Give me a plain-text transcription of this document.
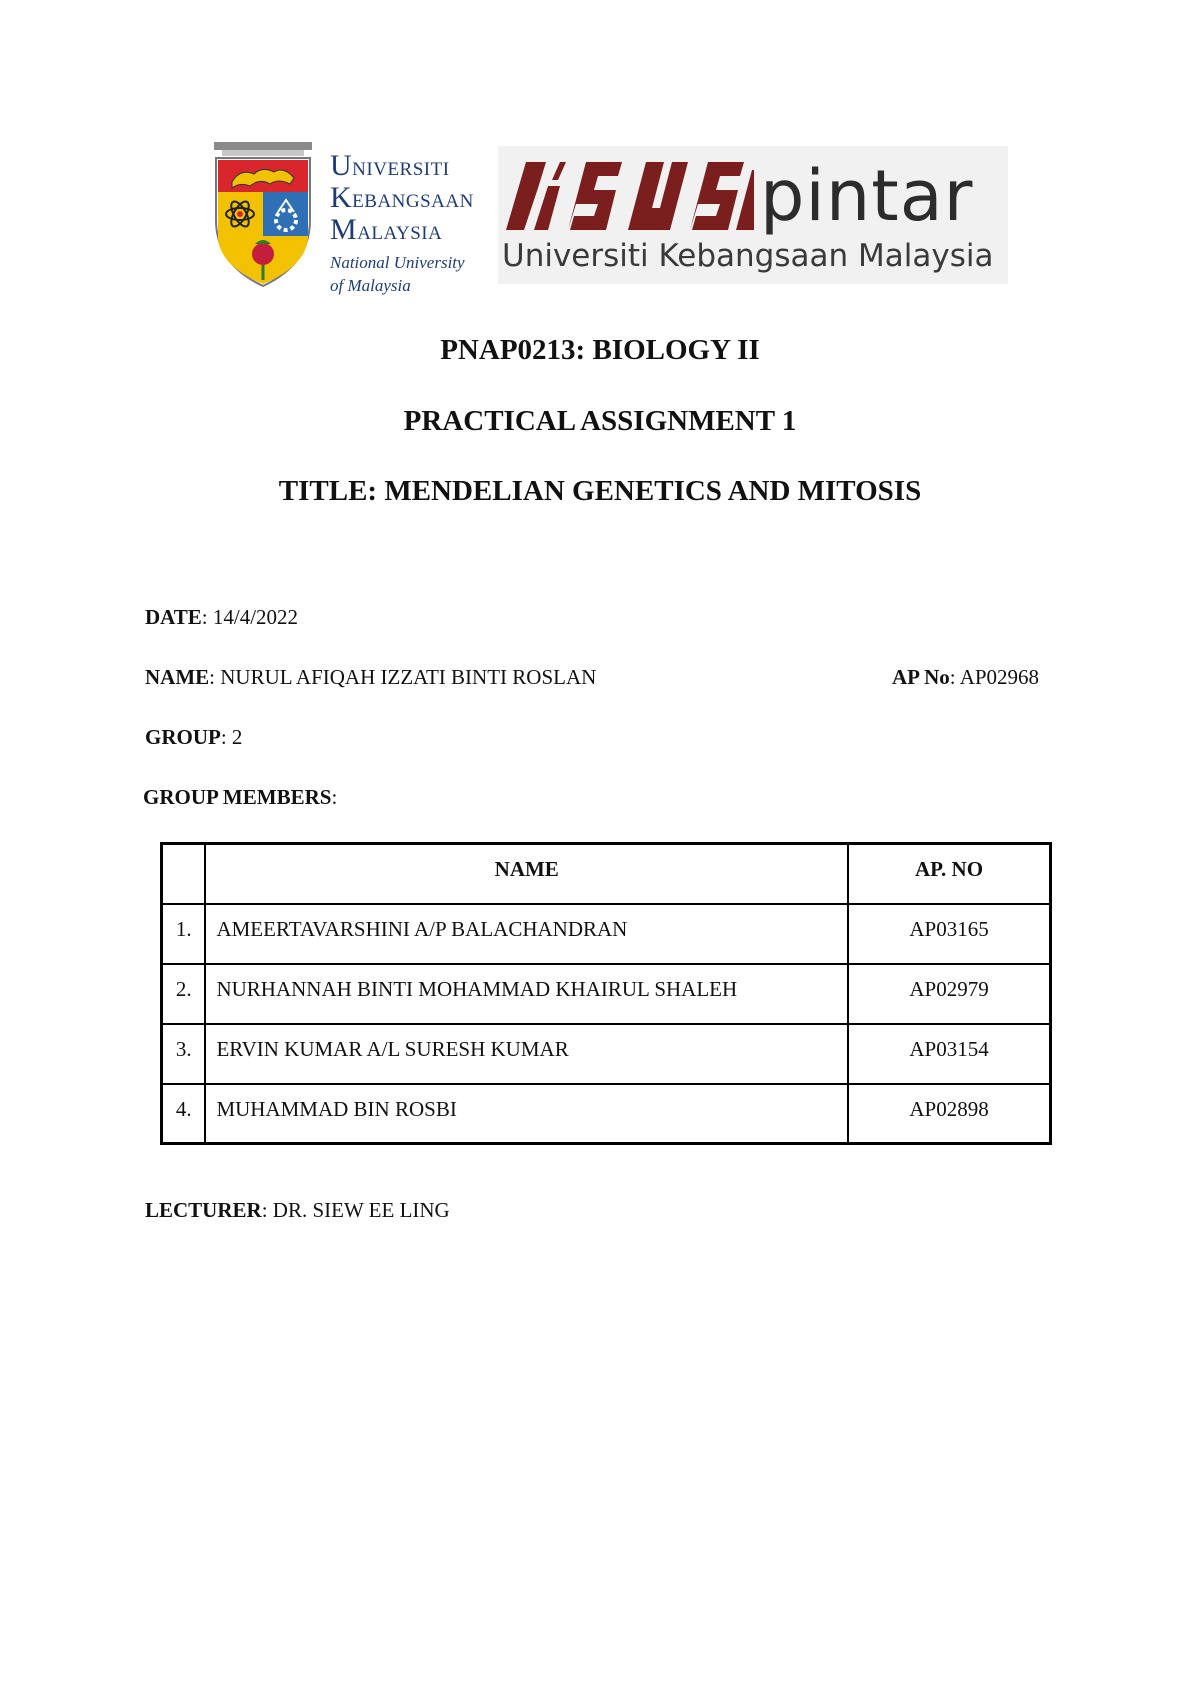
UNIVERSITI
KEBANGSAAN
MALAYSIA
National University
of Malaysia
pintar
Universiti Kebangsaan Malaysia
PNAP0213: BIOLOGY II
PRACTICAL ASSIGNMENT 1
TITLE: MENDELIAN GENETICS AND MITOSIS
DATE: 14/4/2022
NAME: NURUL AFIQAH IZZATI BINTI ROSLAN	AP No: AP02968
GROUP: 2
GROUP MEMBERS:
	NAME	AP. NO
1.	AMEERTAVARSHINI A/P BALACHANDRAN	AP03165
2.	NURHANNAH BINTI MOHAMMAD KHAIRUL SHALEH	AP02979
3.	ERVIN KUMAR A/L SURESH KUMAR	AP03154
4.	MUHAMMAD BIN ROSBI	AP02898
LECTURER: DR. SIEW EE LING
